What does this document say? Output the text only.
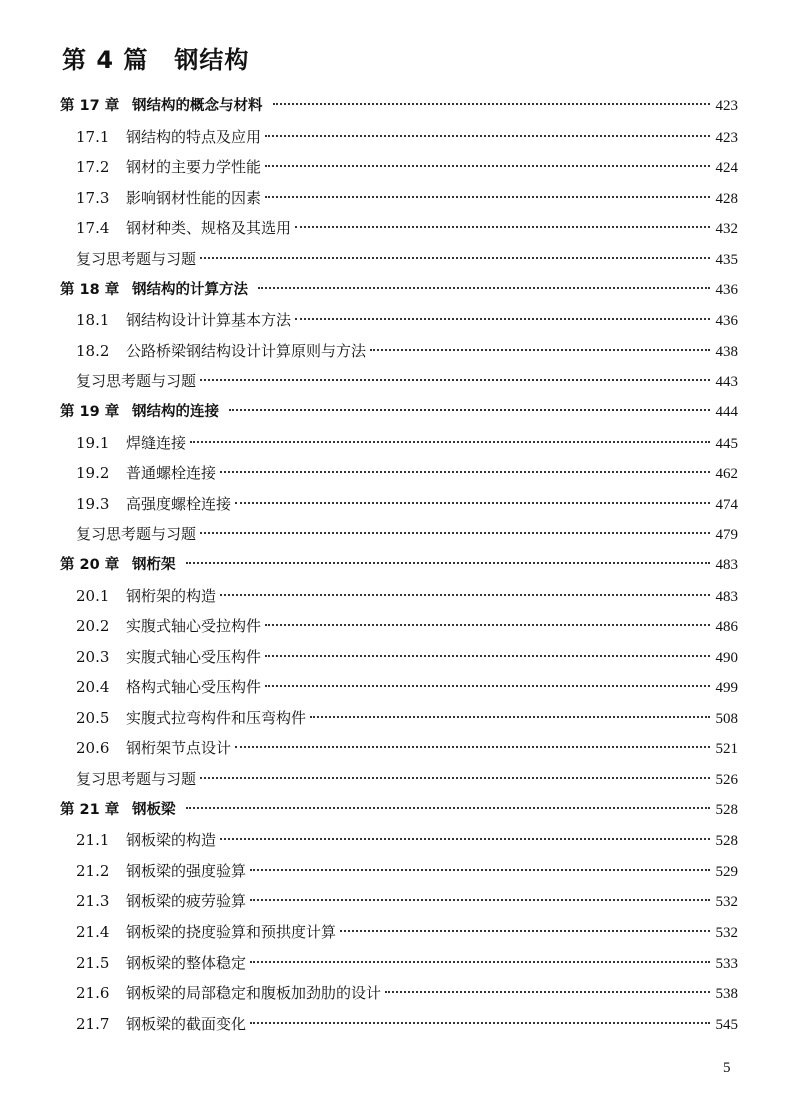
第 4 篇 钢结构
第 17 章 钢结构的概念与材料	423
17.1	钢结构的特点及应用	423
17.2	钢材的主要力学性能	424
17.3	影响钢材性能的因素	428
17.4	钢材种类、规格及其选用	432
复习思考题与习题	435
第 18 章 钢结构的计算方法	436
18.1	钢结构设计计算基本方法	436
18.2	公路桥梁钢结构设计计算原则与方法	438
复习思考题与习题	443
第 19 章 钢结构的连接	444
19.1	焊缝连接	445
19.2	普通螺栓连接	462
19.3	高强度螺栓连接	474
复习思考题与习题	479
第 20 章 钢桁架	483
20.1	钢桁架的构造	483
20.2	实腹式轴心受拉构件	486
20.3	实腹式轴心受压构件	490
20.4	格构式轴心受压构件	499
20.5	实腹式拉弯构件和压弯构件	508
20.6	钢桁架节点设计	521
复习思考题与习题	526
第 21 章 钢板梁	528
21.1	钢板梁的构造	528
21.2	钢板梁的强度验算	529
21.3	钢板梁的疲劳验算	532
21.4	钢板梁的挠度验算和预拱度计算	532
21.5	钢板梁的整体稳定	533
21.6	钢板梁的局部稳定和腹板加劲肋的设计	538
21.7	钢板梁的截面变化	545
5
